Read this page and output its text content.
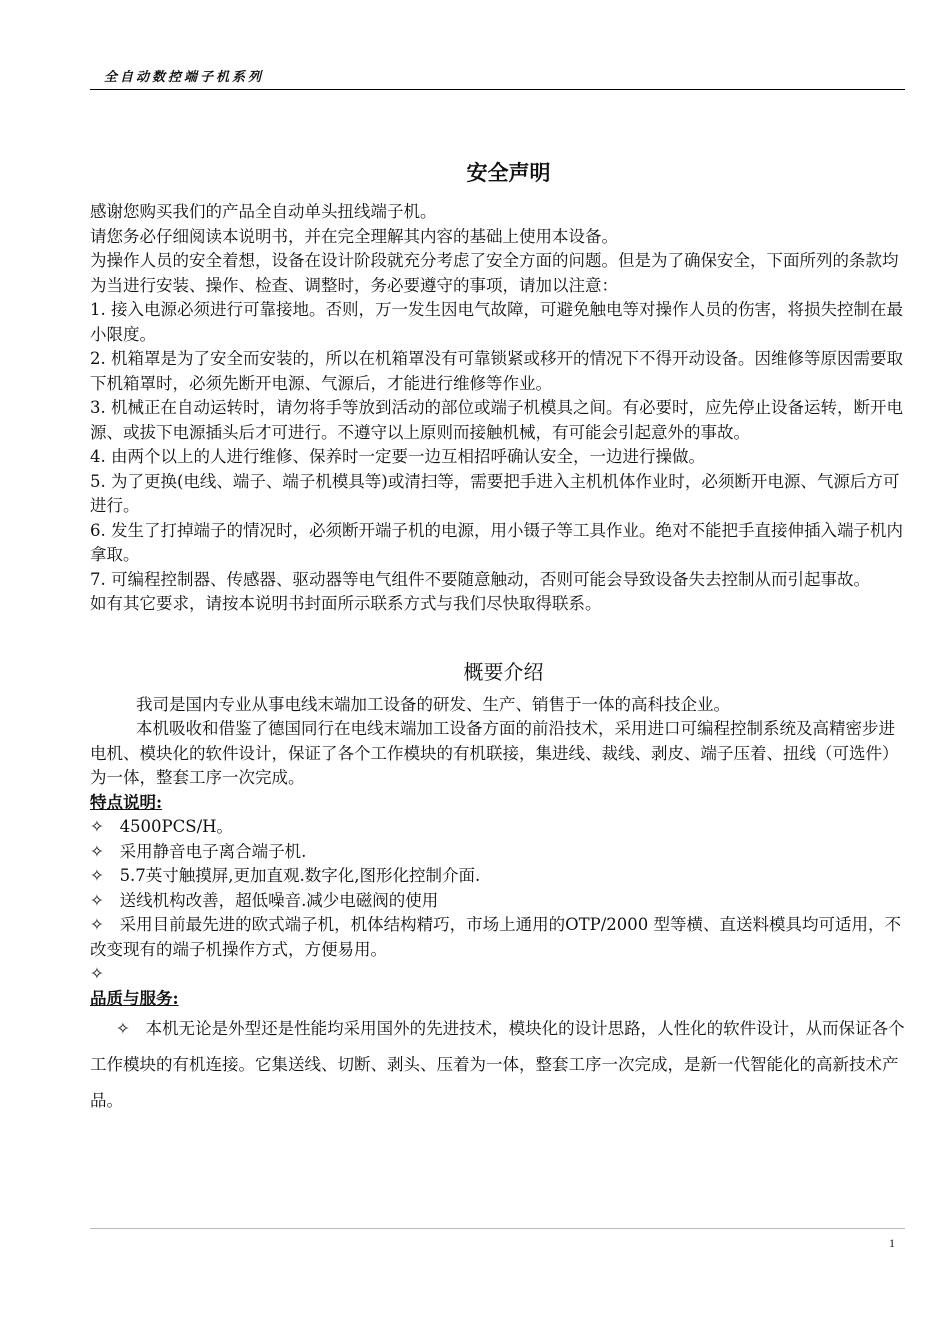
全自动数控端子机系列

安全声明

感谢您购买我们的产品全自动单头扭线端子机。

请您务必仔细阅读本说明书，并在完全理解其内容的基础上使用本设备。

为操作人员的安全着想，设备在设计阶段就充分考虑了安全方面的问题。但是为了确保安全，下面所列的条款均为当进行安装、操作、检查、调整时，务必要遵守的事项，请加以注意：

1. 接入电源必须进行可靠接地。否则，万一发生因电气故障，可避免触电等对操作人员的伤害，将损失控制在最小限度。

2. 机箱罩是为了安全而安装的，所以在机箱罩没有可靠锁紧或移开的情况下不得开动设备。因维修等原因需要取下机箱罩时，必须先断开电源、气源后，才能进行维修等作业。

3. 机械正在自动运转时，请勿将手等放到活动的部位或端子机模具之间。有必要时，应先停止设备运转，断开电源、或拔下电源插头后才可进行。不遵守以上原则而接触机械，有可能会引起意外的事故。

4. 由两个以上的人进行维修、保养时一定要一边互相招呼确认安全，一边进行操做。

5. 为了更换(电线、端子、端子机模具等)或清扫等，需要把手进入主机机体作业时，必须断开电源、气源后方可进行。

6. 发生了打掉端子的情况时，必须断开端子机的电源，用小镊子等工具作业。绝对不能把手直接伸插入端子机内拿取。

7. 可编程控制器、传感器、驱动器等电气组件不要随意触动，否则可能会导致设备失去控制从而引起事故。

如有其它要求，请按本说明书封面所示联系方式与我们尽快取得联系。

概要介绍

我司是国内专业从事电线末端加工设备的研发、生产、销售于一体的高科技企业。

本机吸收和借鉴了德国同行在电线末端加工设备方面的前沿技术，采用进口可编程控制系统及高精密步进电机、模块化的软件设计，保证了各个工作模块的有机联接，集进线、裁线、剥皮、端子压着、扭线（可选件）为一体，整套工序一次完成。

特点说明:

✧   4500PCS/H。

✧   采用静音电子离合端子机.

✧   5.7英寸触摸屏,更加直观.数字化,图形化控制介面.

✧   送线机构改善，超低噪音.减少电磁阀的使用

✧   采用目前最先进的欧式端子机，机体结构精巧，市场上通用的OTP/2000 型等横、直送料模具均可适用，不改变现有的端子机操作方式，方便易用。

✧

品质与服务:

✧   本机无论是外型还是性能均采用国外的先进技术，模块化的设计思路，人性化的软件设计，从而保证各个工作模块的有机连接。它集送线、切断、剥头、压着为一体，整套工序一次完成，是新一代智能化的高新技术产品。

1
